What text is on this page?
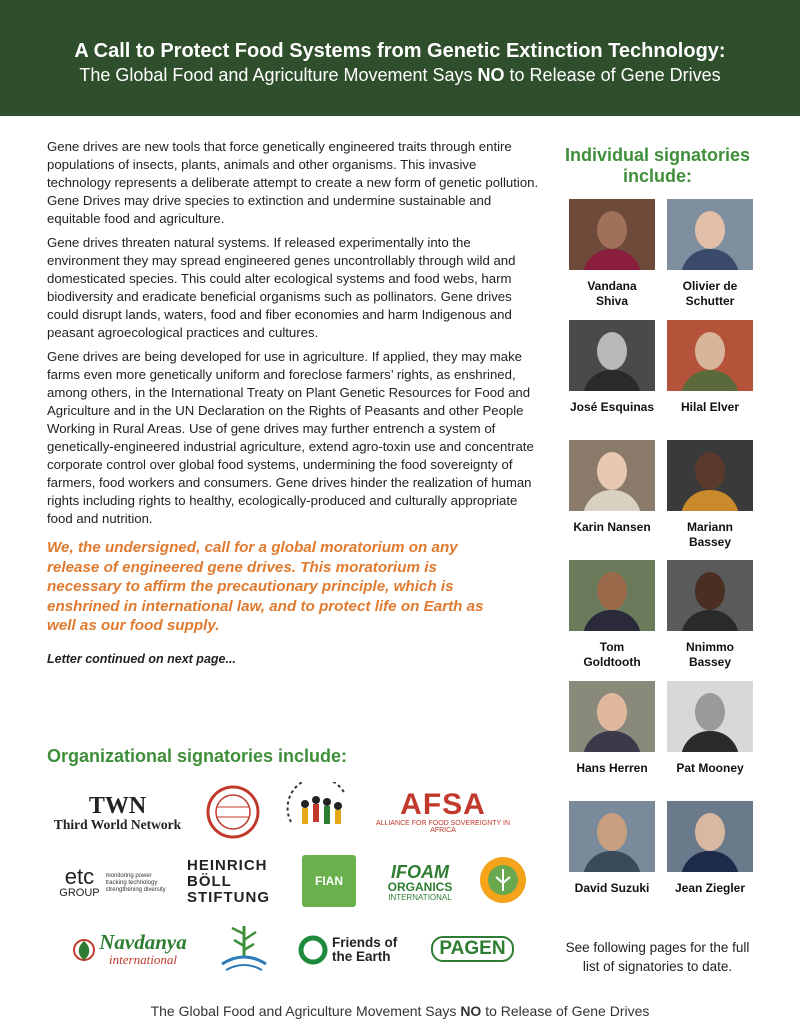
A Call to Protect Food Systems from Genetic Extinction Technology:
The Global Food and Agriculture Movement Says NO to Release of Gene Drives

Gene drives are new tools that force genetically engineered traits through entire populations of insects, plants, animals and other organisms. This invasive technology represents a deliberate attempt to create a new form of genetic pollution. Gene Drives may drive species to extinction and undermine sustainable and equitable food and agriculture.

Gene drives threaten natural systems. If released experimentally into the environment they may spread engineered genes uncontrollably through wild and domesticated species. This could alter ecological systems and food webs, harm biodiversity and eradicate beneficial organisms such as pollinators. Gene drives could disrupt lands, waters, food and fiber economies and harm Indigenous and peasant agroecological practices and cultures.

Gene drives are being developed for use in agriculture. If applied, they may make farms even more genetically uniform and foreclose farmers’ rights, as enshrined, among others, in the International Treaty on Plant Genetic Resources for Food and Agriculture and in the UN Declaration on the Rights of Peasants and other People Working in Rural Areas. Use of gene drives may further entrench a system of genetically-engineered industrial agriculture, extend agro-toxin use and concentrate corporate control over global food systems, undermining the food sovereignty of farmers, food workers and consumers. Gene drives hinder the realization of human rights including rights to healthy, ecologically-produced and culturally appropriate food and nutrition.

We, the undersigned, call for a global moratorium on any release of engineered gene drives. This moratorium is necessary to affirm the precautionary principle, which is enshrined in international law, and to protect life on Earth as well as our food supply.
Letter continued on next page...
Organizational signatories include:
TWN
Third World Network
AFSA
ALLIANCE FOR FOOD SOVEREIGNTY IN AFRICA
etc
GROUP
monitoring power
tracking technology
strengthening diversity
HEINRICH
BÖLL
STIFTUNG
FIAN	IFOAM
ORGANICS
INTERNATIONAL
Navdanya
international
Friends of
the Earth	PAGEN
Individual signatories include:
Vandana
Shiva
Olivier de
Schutter
José Esquinas	Hilal Elver
Karin Nansen	Mariann
Bassey
Tom
Goldtooth
Nnimmo
Bassey
Hans Herren	Pat Mooney
David Suzuki	Jean Ziegler
See following pages for the full list of signatories to date.
The Global Food and Agriculture Movement Says NO to Release of Gene Drives
